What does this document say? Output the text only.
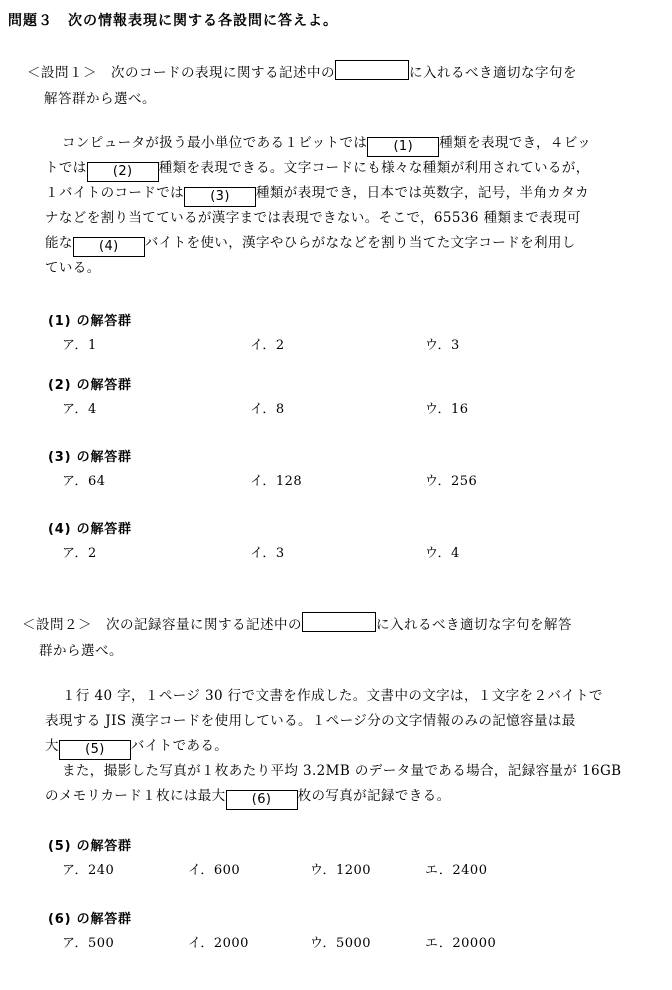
問題３　次の情報表現に関する各設問に答えよ。
＜設問１＞　次のコードの表現に関する記述中の	に入れるべき適切な字句を
解答群から選べ。
コンピュータが扱う最小単位である１ビットでは (1) 種類を表現でき，４ビッ
トでは (2) 種類を表現できる。文字コードにも様々な種類が利用されているが，
１バイトのコードでは (3) 種類が表現でき，日本では英数字，記号，半角カタカ
ナなどを割り当てているが漢字までは表現できない。そこで，65536 種類まで表現可
能な (4) バイトを使い，漢字やひらがななどを割り当てた文字コードを利用し
ている。
(1) の解答群
ア．1	イ．2	ウ．3
(2) の解答群
ア．4	イ．8	ウ．16
(3) の解答群
ア．64	イ．128	ウ．256
(4) の解答群
ア．2	イ．3	ウ．4
＜設問２＞　次の記録容量に関する記述中の	に入れるべき適切な字句を解答
群から選べ。
１行 40 字，１ページ 30 行で文書を作成した。文書中の文字は，１文字を２バイトで
表現する JIS 漢字コードを使用している。１ページ分の文字情報のみの記憶容量は最
大 (5) バイトである。
また，撮影した写真が１枚あたり平均 3.2MB のデータ量である場合，記録容量が 16GB
のメモリカード１枚には最大 (6) 枚の写真が記録できる。
(5) の解答群
ア．240	イ．600	ウ．1200	エ．2400
(6) の解答群
ア．500	イ．2000	ウ．5000	エ．20000
